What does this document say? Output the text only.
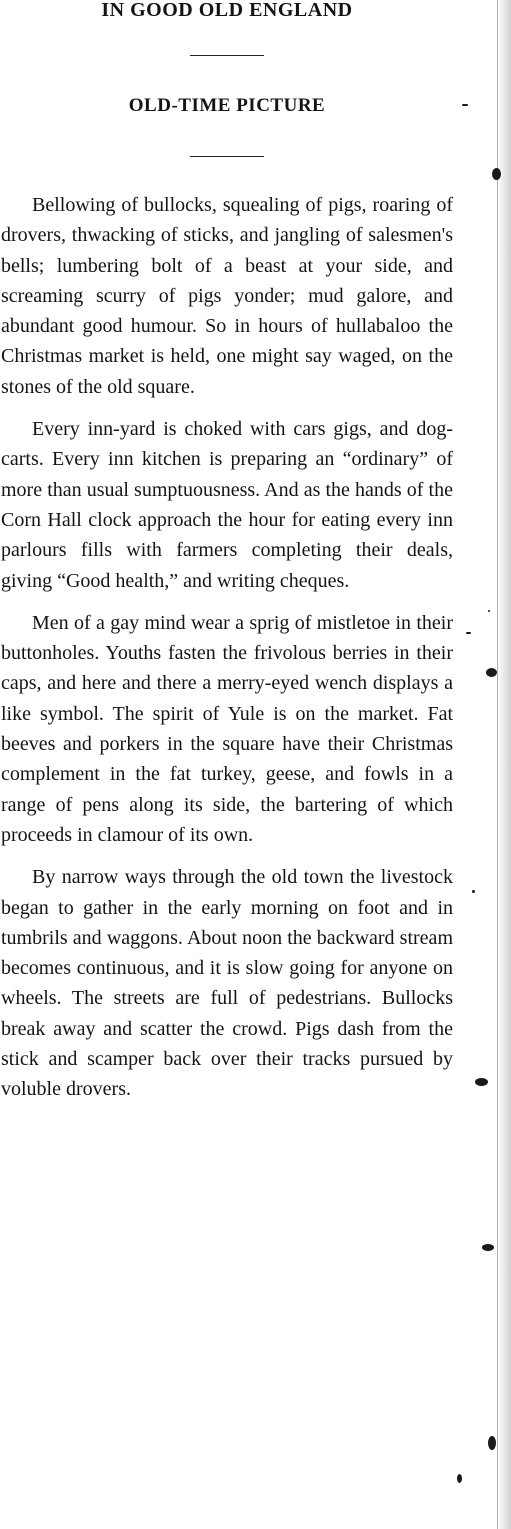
IN GOOD OLD ENGLAND
OLD-TIME PICTURE

Bellowing of bullocks, squealing of pigs, roaring of drovers, thwacking of sticks, and jangling of salesmen's bells; lumbering bolt of a beast at your side, and screaming scurry of pigs yonder; mud galore, and abundant good humour. So in hours of hullabaloo the Christmas market is held, one might say waged, on the stones of the old square.

Every inn-yard is choked with cars gigs, and dog-carts. Every inn kitchen is preparing an “ordinary” of more than usual sumptuousness. And as the hands of the Corn Hall clock approach the hour for eating every inn parlours fills with farmers completing their deals, giving “Good health,” and writing cheques.

Men of a gay mind wear a sprig of mistletoe in their buttonholes. Youths fasten the frivolous berries in their caps, and here and there a merry-eyed wench displays a like symbol. The spirit of Yule is on the market. Fat beeves and porkers in the square have their Christmas complement in the fat turkey, geese, and fowls in a range of pens along its side, the bartering of which proceeds in clamour of its own.

By narrow ways through the old town the livestock began to gather in the early morning on foot and in tumbrils and waggons. About noon the backward stream becomes continuous, and it is slow going for anyone on wheels. The streets are full of pedestrians. Bullocks break away and scatter the crowd. Pigs dash from the stick and scamper back over their tracks pursued by voluble drovers.
